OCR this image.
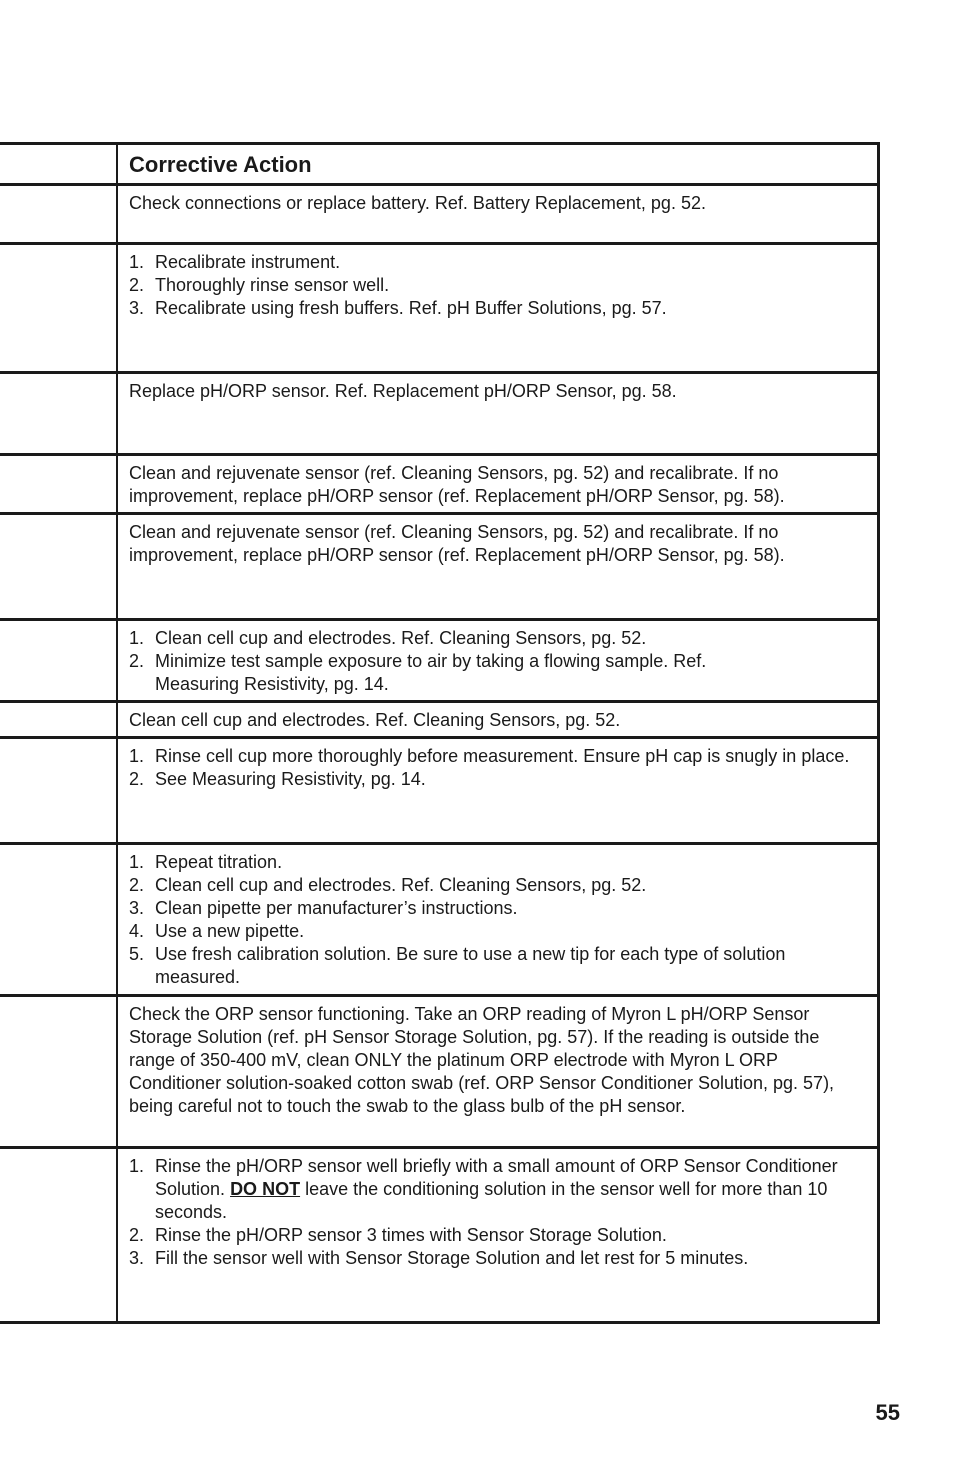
Corrective Action
Check connections or replace battery. Ref. Battery Replacement, pg. 52.
1. Recalibrate instrument.
2. Thoroughly rinse sensor well.
3. Recalibrate using fresh buffers. Ref. pH Buffer Solutions, pg. 57.
Replace pH/ORP sensor. Ref. Replacement pH/ORP Sensor, pg. 58.
Clean and rejuvenate sensor (ref. Cleaning Sensors, pg. 52) and recalibrate. If no improvement, replace pH/ORP sensor (ref. Replacement pH/ORP Sensor, pg. 58).
Clean and rejuvenate sensor (ref. Cleaning Sensors, pg. 52) and recalibrate. If no improvement, replace pH/ORP sensor (ref. Replacement pH/ORP Sensor, pg. 58).
1. Clean cell cup and electrodes. Ref. Cleaning Sensors, pg. 52.
2. Minimize test sample exposure to air by taking a flowing sample. Ref. Measuring Resistivity, pg. 14.
Clean cell cup and electrodes. Ref. Cleaning Sensors, pg. 52.
1. Rinse cell cup more thoroughly before measurement. Ensure pH cap is snugly in place.
2. See Measuring Resistivity, pg. 14.
1. Repeat titration.
2. Clean cell cup and electrodes. Ref. Cleaning Sensors, pg. 52.
3. Clean pipette per manufacturer’s instructions.
4. Use a new pipette.
5. Use fresh calibration solution. Be sure to use a new tip for each type of solution measured.
Check the ORP sensor functioning. Take an ORP reading of Myron L pH/ORP Sensor Storage Solution (ref. pH Sensor Storage Solution, pg. 57). If the reading is outside the range of 350-400 mV, clean ONLY the platinum ORP electrode with Myron L ORP Conditioner solution-soaked cotton swab (ref. ORP Sensor Conditioner Solution, pg. 57), being careful not to touch the swab to the glass bulb of the pH sensor.
1. Rinse the pH/ORP sensor well briefly with a small amount of ORP Sensor Conditioner Solution. DO NOT leave the conditioning solution in the sensor well for more than 10 seconds.
2. Rinse the pH/ORP sensor 3 times with Sensor Storage Solution.
3. Fill the sensor well with Sensor Storage Solution and let rest for 5 minutes.
55
